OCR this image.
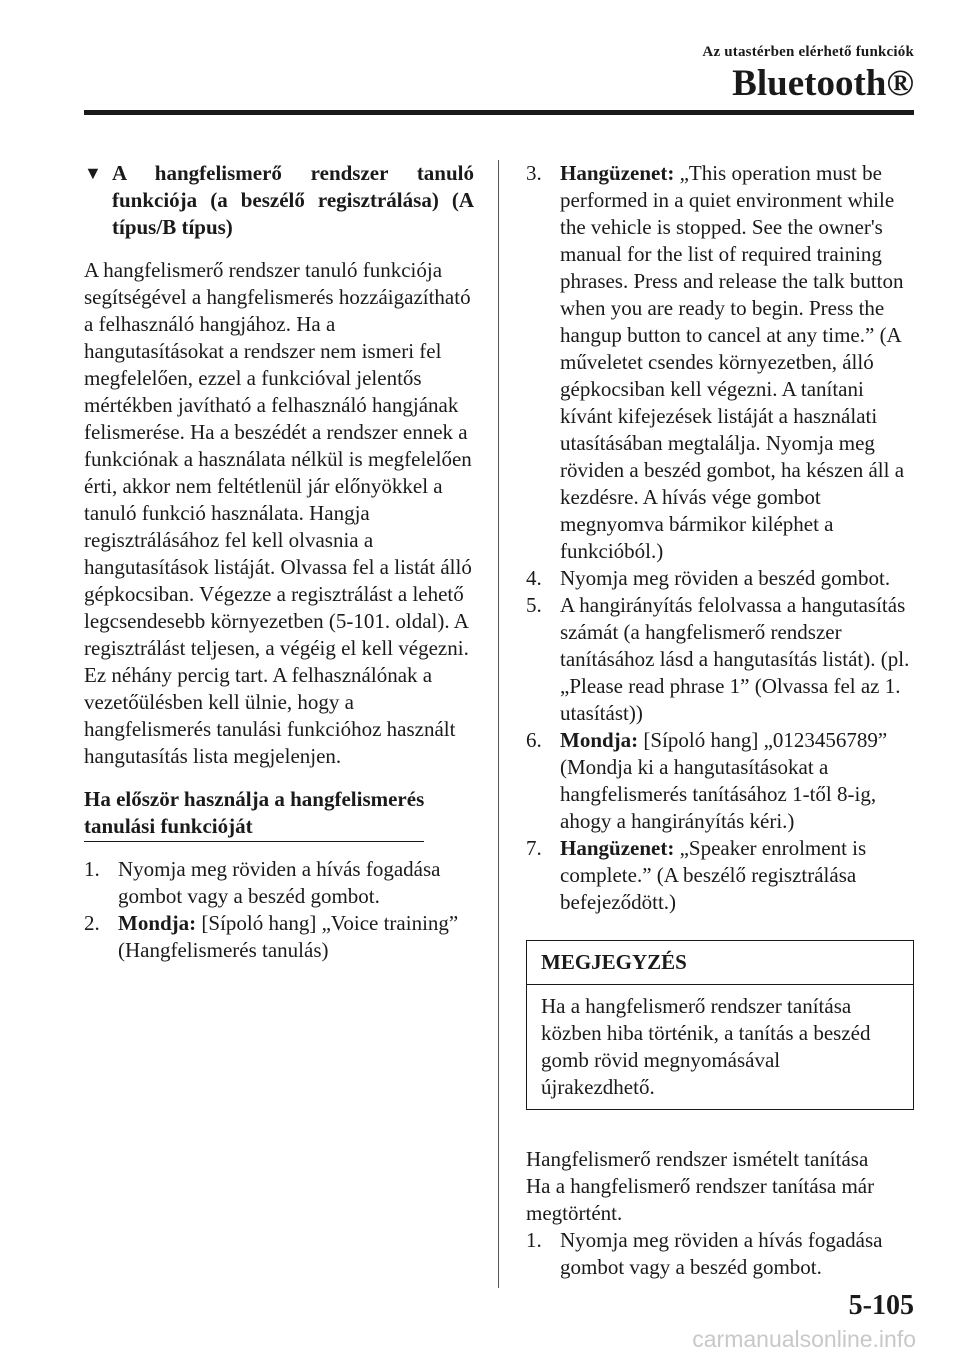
Az utastérben elérhető funkciók
Bluetooth®
▼ A hangfelismerő rendszer tanuló funkciója (a beszélő regisztrálása) (A típus/B típus)

A hangfelismerő rendszer tanuló funkciója segítségével a hangfelismerés hozzáigazítható a felhasználó hangjához. Ha a hangutasításokat a rendszer nem ismeri fel megfelelően, ezzel a funkcióval jelentős mértékben javítható a felhasználó hangjának felismerése. Ha a beszédét a rendszer ennek a funkciónak a használata nélkül is megfelelően érti, akkor nem feltétlenül jár előnyökkel a tanuló funkció használata. Hangja regisztrálásához fel kell olvasnia a hangutasítások listáját. Olvassa fel a listát álló gépkocsiban. Végezze a regisztrálást a lehető legcsendesebb környezetben (5-101. oldal). A regisztrálást teljesen, a végéig el kell végezni. Ez néhány percig tart. A felhasználónak a vezetőülésben kell ülnie, hogy a hangfelismerés tanulási funkcióhoz használt hangutasítás lista megjelenjen.

Ha először használja a hangfelismerés
tanulási funkcióját
1. Nyomja meg röviden a hívás fogadása gombot vagy a beszéd gombot.
2. Mondja: [Sípoló hang] „Voice training” (Hangfelismerés tanulás)
3. Hangüzenet: „This operation must be performed in a quiet environment while the vehicle is stopped. See the owner's manual for the list of required training phrases. Press and release the talk button when you are ready to begin. Press the hangup button to cancel at any time.” (A műveletet csendes környezetben, álló gépkocsiban kell végezni. A tanítani kívánt kifejezések listáját a használati utasításában megtalálja. Nyomja meg röviden a beszéd gombot, ha készen áll a kezdésre. A hívás vége gombot megnyomva bármikor kiléphet a funkcióból.)
4. Nyomja meg röviden a beszéd gombot.
5. A hangirányítás felolvassa a hangutasítás számát (a hangfelismerő rendszer tanításához lásd a hangutasítás listát). (pl. „Please read phrase 1” (Olvassa fel az 1. utasítást))
6. Mondja: [Sípoló hang] „0123456789” (Mondja ki a hangutasításokat a hangfelismerés tanításához 1-től 8-ig, ahogy a hangirányítás kéri.)
7. Hangüzenet: „Speaker enrolment is complete.” (A beszélő regisztrálása befejeződött.)
MEGJEGYZÉS
Ha a hangfelismerő rendszer tanítása közben hiba történik, a tanítás a beszéd gomb rövid megnyomásával újrakezdhető.

Hangfelismerő rendszer ismételt tanítása

Ha a hangfelismerő rendszer tanítása már megtörtént.

1. Nyomja meg röviden a hívás fogadása gombot vagy a beszéd gombot.
5-105
carmanualsonline.info
